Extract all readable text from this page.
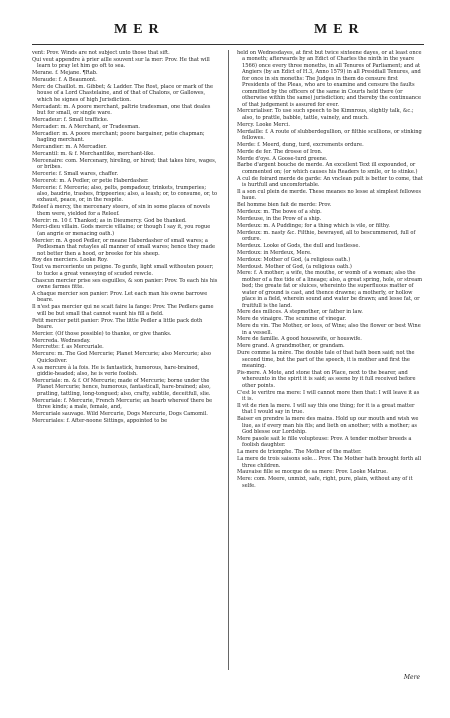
MER	MER

vent: Prov. Winds are not subject unto those that sift.

Qui veut appendre à prier aille souvent sur la mer: Prov. He that will learn to pray let him go oft to sea.

Merane. f. Mejane. ¶Rab.

Meraude: f. A Beaumont.

Merc de Chaillot. m. Gibbet; & Ladder. The Rost, place or mark of the house of a Lord Chastelaine, and of that of Chalons, or Gallowes, which he signes of high Jurisdiction.

Mercadant: m. A poore merchant, paltrie tradesman, one that deales but for small, or single ware.

Mercadeur: f. Small trafficke.

Mercader: m. A Merchant, or Tradesman.

Mercadier: m. A poore merchant; poore bargainer, petie chapman; hagling merchant.

Mercandier: m. A Mercadier.

Mercantil: m. & f. Merchantlike, merchant-like.

Mercenaire: com. Mercenary, hireling, or hired; that takes hire, wages, or bribes.

Mercerie: f. Small wares, chaffer.

Mercerot: m. A Pedler, or petie Haberdasher.

Mercerie: f. Mercerie; also, pelts, pompadour, trinkets, trumperies; also, baudrie, trashes, frippeeries; also, a leash; or, to consume, or, to exhaust, peace, or, in the respite.

Releef à mercy, the mercenary steers, of sin in some places of novels them were, yielded for a Releef.

Mercir: m. 10 f. Thanked; as in Dieumercy. God be thanked.

Merci-dieu villain. Gods mercie villaine; or though I say it, you rogue (an angrie or menacing oath.)

Mercier: m. A good Pedler, or meane Haberdasher of small wares; a Pedlesman that retayles all manner of small wares; hence they made not better then a hood, or breeke for his sheep.

Roy des merciers. Looke Roy.

Tout va merceriente un peigne. To gunfe, light small withouten pouer; to tucke a great veneeying of scuded rewcle.

Chascun mercier prise ses esguilles, & son panier: Prov. To each his his owne farmes fitte.

A chaque mercier son panier: Prov. Let each man his owne barrowe beare.

Il n'est pas mercier qui ne scait faire la fange: Prov. The Pedlers game will be but small that cannot vaunt his fill a field.

Petit mercier petit panier: Prov. The little Pedler a little pack doth beare.

Mercier. (Of those possible) to thanke, or give thanks.

Mercreda. Wednesday.

Mercrette: f. as Mercuriale.

Mercure: m. The God Mercurie; Planet Mercurie; also Mercurie; also Quicksilver.

A sa mercure à la fois. He is fantastick, humorous, hare-brained, giddie-headed; also, he is verie foolish.

Mercuriale: m. & f. Of Mercurie; made of Mercurie; borne under the Planet Mercurie; hence, humorous, fantasticall, hare-brained; also, pratling, tattling, long-tongued; also, crafty, subtile, deceitfull, slie.

Mercuriale: f. Mercurie, French Mercurie; an hearb whereof there be three kinds; a male, female, and,

Mercuriale sauvage. Wild Mercurie, Dogs Mercurie, Dogs Camomil.

Mercuriales: f. After-noone Sittings, appointed to be

held on Wednesdayes, at first but twice sixteene dayes, or at least once a moneth; afterwards by an Edict of Charles the ninth in the yeare 1566) once every three moneths, in all Tenures of Parliament; and at Angiers (by an Edict of H.3, Anno 1579) in all Presidiall Tenures, and for once in six moneths: The Judges in them do censure first Presidents of the Pleas, who are to examine and censure the faults committed by the officers of the same in Courts held there (or otherwise within the same) jurisdiction; and thereby the continuance of that judgement is assured for ever.

Mercurialiser. To use such speech to be Kimnrous, slightly talk, &c.; also, to prattle, babble, tattle, vainely, and much.

Mercy. Looke Merci.

Merdaille: f. A route of slubberdegullion, or filthie scullions, or stinking fellowes.

Merde: f. Meerd, dung, turd, excrements ordure.

Merde de fer. The drosse of Iron.

Merde d'oye. A Goose-turd greene.

Barbe d'argent bouche de merde. An excellent Text ill expounded, or commented on; (or which causes his Readers to smile, or to stinke.)

A cul de foirard merde de garde: An vnclean pult is better to come, that is hurtfull and uncomfortable.

Il a son cul plein de merde. These meanes no lesse at simplest fellowes haue.

Bel homme bien fait de merde: Prov.

Merdeux: m. The bowe of a ship.

Merdeuse, in the Prow of a ship.

Merdeux: m. A Puddinge; for a thing which is vile, or filthy.

Merdeux: m. nasty &c. Filthie, bewrayed, all to bescummered, full of ordure.

Merdeux. Looke of Gods, the dull and lustlesse.

Merdoux: in Merdeux, Mere.

Merdoux: Mother of God, (a religious oath.)

Merdoust. Mother of God, (a religious oath.)

Mere: f. A mother; a wife, the mouthe, or womb of a woman; also the mother of a fixe tide of a lineage; also, a great spring, hole, or stream bed; the greate fat or sluices, whereinto the superfluous matter of water of ground is cast, and thence drawne; a motherly, or hollow place in a field, wherein sound and water be drawn; and lesse fat, or fruitfull is the land.

Mere des milices. A stepmother, or father in law.

Mere de vinaigre. The scumme of vinegar.

Mere du vin. The Mother, or lees, of Wine; also the flower or best Wine in a vessell.

Mere de famille. A good housewife, or houswife.

Mere grand. A grandmother, or grandam.

Dure comme la mère. The double tale of that hath been said; not the second time, but the part of the speech, it is mother and first the meaning.

Pis-mere. A Mote, and stone that on Place, next to the bearer, and whereunto in the spirit it is said; as seene by it full received before other points.

C'est le veritre ma mere: I will cannot more then that: I will leave it as it is.

Il vit de rien la mere. I will say this one thing; for it is a great matter that I would say in true.

Baiser en prendre la mere des mains. Hold up our mouth and wish we liue, as if every man his fils; and lieth on another; with a mother; as God blesse our Lordship.

Mere pasole sait le fille volupteuse: Prov. A tender mother breeds a foolish daughter.

La mere de triomphe. The Mother of the matter.

La mere de trois saisons sole... Prov. The Mother hath brought forth all three children.

Mauvaise fille se mocque de sa mere: Prov. Looke Matrue.

Mere: com. Meere, unmixt, safe, right, pure, plain, without any of it selfe.

Mere
